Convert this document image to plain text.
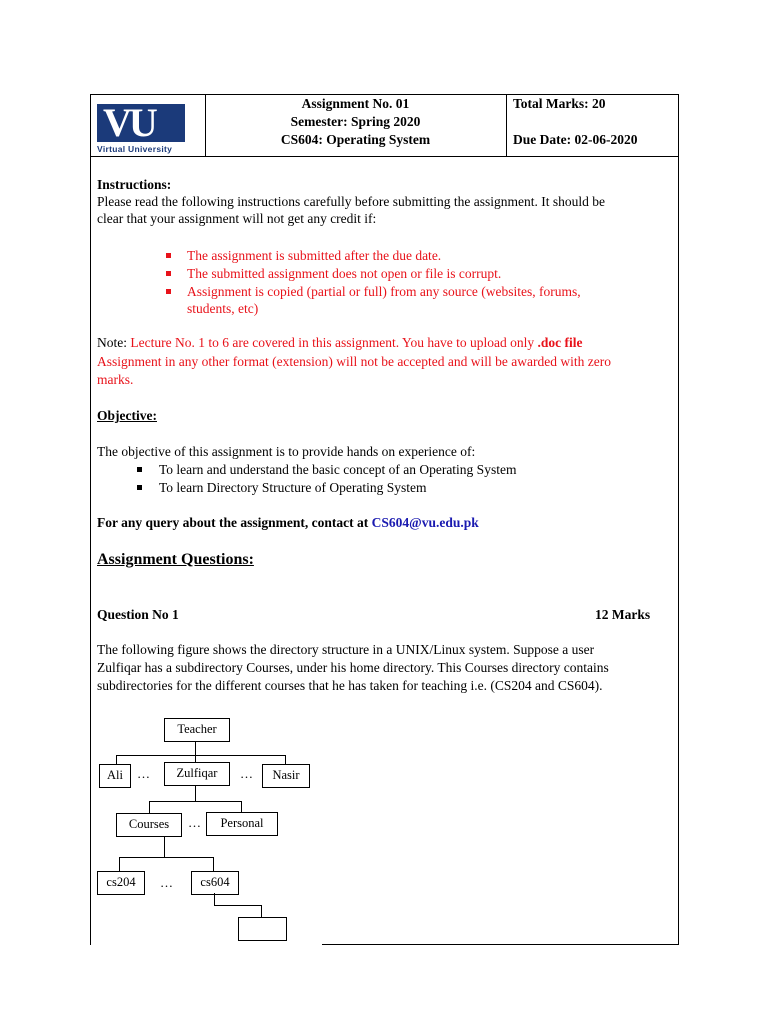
VU
Virtual University
Assignment No. 01
Semester: Spring 2020
CS604: Operating System
Total Marks: 20
Due Date: 02-06-2020
Instructions:
Please read the following instructions carefully before submitting the assignment. It should be
clear that your assignment will not get any credit if:
The assignment is submitted after the due date.
The submitted assignment does not open or file is corrupt.
Assignment is copied (partial or full) from any source (websites, forums,
students, etc)
Note: Lecture No. 1 to 6 are covered in this assignment. You have to upload only .doc file
Assignment in any other format (extension) will not be accepted and will be awarded with zero
marks.
Objective:
The objective of this assignment is to provide hands on experience of:
To learn and understand the basic concept of an Operating System
To learn Directory Structure of Operating System
For any query about the assignment, contact at CS604@vu.edu.pk
Assignment Questions:
Question No 1	12 Marks
The following figure shows the directory structure in a UNIX/Linux system. Suppose a user
Zulfiqar has a subdirectory Courses, under his home directory. This Courses directory contains
subdirectories for the different courses that he has taken for teaching i.e. (CS204 and CS604).
Teacher
Ali	…	Zulfiqar	…	Nasir
Courses	…	Personal
cs204	…	cs604
